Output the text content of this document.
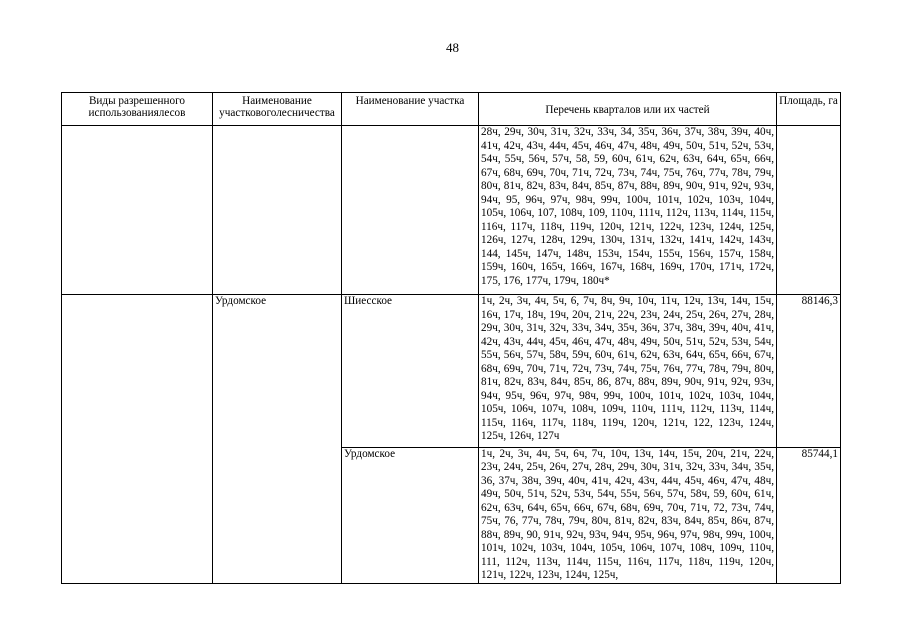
48
Виды разрешенного использованиялесов	Наименование участковоголесничества	Наименование участка	Перечень кварталов или их частей	Площадь, га
			28ч, 29ч, 30ч, 31ч, 32ч, 33ч, 34, 35ч, 36ч, 37ч, 38ч, 39ч, 40ч, 41ч, 42ч, 43ч, 44ч, 45ч, 46ч, 47ч, 48ч, 49ч, 50ч, 51ч, 52ч, 53ч, 54ч, 55ч, 56ч, 57ч, 58, 59, 60ч, 61ч, 62ч, 63ч, 64ч, 65ч, 66ч, 67ч, 68ч, 69ч, 70ч, 71ч, 72ч, 73ч, 74ч, 75ч, 76ч, 77ч, 78ч, 79ч, 80ч, 81ч, 82ч, 83ч, 84ч, 85ч, 87ч, 88ч, 89ч, 90ч, 91ч, 92ч, 93ч, 94ч, 95, 96ч, 97ч, 98ч, 99ч, 100ч, 101ч, 102ч, 103ч, 104ч, 105ч, 106ч, 107, 108ч, 109, 110ч, 111ч, 112ч, 113ч, 114ч, 115ч, 116ч, 117ч, 118ч, 119ч, 120ч, 121ч, 122ч, 123ч, 124ч, 125ч, 126ч, 127ч, 128ч, 129ч, 130ч, 131ч, 132ч, 141ч, 142ч, 143ч, 144, 145ч, 147ч, 148ч, 153ч, 154ч, 155ч, 156ч, 157ч, 158ч, 159ч, 160ч, 165ч, 166ч, 167ч, 168ч, 169ч, 170ч, 171ч, 172ч, 175, 176, 177ч, 179ч, 180ч*	
	Урдомское	Шиесское	1ч, 2ч, 3ч, 4ч, 5ч, 6, 7ч, 8ч, 9ч, 10ч, 11ч, 12ч, 13ч, 14ч, 15ч, 16ч, 17ч, 18ч, 19ч, 20ч, 21ч, 22ч, 23ч, 24ч, 25ч, 26ч, 27ч, 28ч, 29ч, 30ч, 31ч, 32ч, 33ч, 34ч, 35ч, 36ч, 37ч, 38ч, 39ч, 40ч, 41ч, 42ч, 43ч, 44ч, 45ч, 46ч, 47ч, 48ч, 49ч, 50ч, 51ч, 52ч, 53ч, 54ч, 55ч, 56ч, 57ч, 58ч, 59ч, 60ч, 61ч, 62ч, 63ч, 64ч, 65ч, 66ч, 67ч, 68ч, 69ч, 70ч, 71ч, 72ч, 73ч, 74ч, 75ч, 76ч, 77ч, 78ч, 79ч, 80ч, 81ч, 82ч, 83ч, 84ч, 85ч, 86, 87ч, 88ч, 89ч, 90ч, 91ч, 92ч, 93ч, 94ч, 95ч, 96ч, 97ч, 98ч, 99ч, 100ч, 101ч, 102ч, 103ч, 104ч, 105ч, 106ч, 107ч, 108ч, 109ч, 110ч, 111ч, 112ч, 113ч, 114ч, 115ч, 116ч, 117ч, 118ч, 119ч, 120ч, 121ч, 122, 123ч, 124ч, 125ч, 126ч, 127ч	88146,3
		Урдомское	1ч, 2ч, 3ч, 4ч, 5ч, 6ч, 7ч, 10ч, 13ч, 14ч, 15ч, 20ч, 21ч, 22ч, 23ч, 24ч, 25ч, 26ч, 27ч, 28ч, 29ч, 30ч, 31ч, 32ч, 33ч, 34ч, 35ч, 36, 37ч, 38ч, 39ч, 40ч, 41ч, 42ч, 43ч, 44ч, 45ч, 46ч, 47ч, 48ч, 49ч, 50ч, 51ч, 52ч, 53ч, 54ч, 55ч, 56ч, 57ч, 58ч, 59, 60ч, 61ч, 62ч, 63ч, 64ч, 65ч, 66ч, 67ч, 68ч, 69ч, 70ч, 71ч, 72, 73ч, 74ч, 75ч, 76, 77ч, 78ч, 79ч, 80ч, 81ч, 82ч, 83ч, 84ч, 85ч, 86ч, 87ч, 88ч, 89ч, 90, 91ч, 92ч, 93ч, 94ч, 95ч, 96ч, 97ч, 98ч, 99ч, 100ч, 101ч, 102ч, 103ч, 104ч, 105ч, 106ч, 107ч, 108ч, 109ч, 110ч, 111, 112ч, 113ч, 114ч, 115ч, 116ч, 117ч, 118ч, 119ч, 120ч, 121ч, 122ч, 123ч, 124ч, 125ч,	85744,1
